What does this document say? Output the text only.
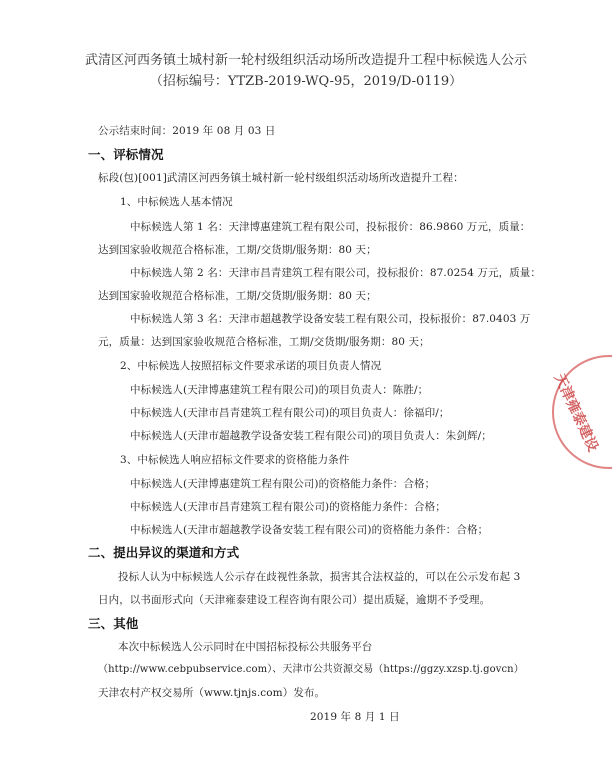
武清区河西务镇土城村新一轮村级组织活动场所改造提升工程中标候选人公示
（招标编号：YTZB-2019-WQ-95，2019/D-0119）
公示结束时间：2019 年 08 月 03 日
一、评标情况
标段(包)[001]武清区河西务镇土城村新一轮村级组织活动场所改造提升工程：
1、中标候选人基本情况
中标候选人第 1 名：天津博惠建筑工程有限公司，投标报价：86.9860 万元，质量：
达到国家验收规范合格标准，工期/交货期/服务期：80 天；
中标候选人第 2 名：天津市昌青建筑工程有限公司，投标报价：87.0254 万元，质量：
达到国家验收规范合格标准，工期/交货期/服务期：80 天；
中标候选人第 3 名：天津市超越教学设备安装工程有限公司，投标报价：87.0403 万
元，质量：达到国家验收规范合格标准，工期/交货期/服务期：80 天；
2、中标候选人按照招标文件要求承诺的项目负责人情况
中标候选人(天津博惠建筑工程有限公司)的项目负责人：陈胜/；
中标候选人(天津市昌青建筑工程有限公司)的项目负责人：徐福印/；
中标候选人(天津市超越教学设备安装工程有限公司)的项目负责人：朱剑辉/；
3、中标候选人响应招标文件要求的资格能力条件
中标候选人(天津博惠建筑工程有限公司)的资格能力条件：合格；
中标候选人(天津市昌青建筑工程有限公司)的资格能力条件：合格；
中标候选人(天津市超越教学设备安装工程有限公司)的资格能力条件：合格；
二、提出异议的渠道和方式
投标人认为中标候选人公示存在歧视性条款，损害其合法权益的，可以在公示发布起 3
日内，以书面形式向（天津雍泰建设工程咨询有限公司）提出质疑，逾期不予受理。
三、其他
本次中标候选人公示同时在中国招标投标公共服务平台
（http://www.cebpubservice.com）、天津市公共资源交易（https://ggzy.xzsp.tj.govcn）
天津农村产权交易所（www.tjnjs.com）发布。
2019 年 8 月 1 日
天津雍泰建设
